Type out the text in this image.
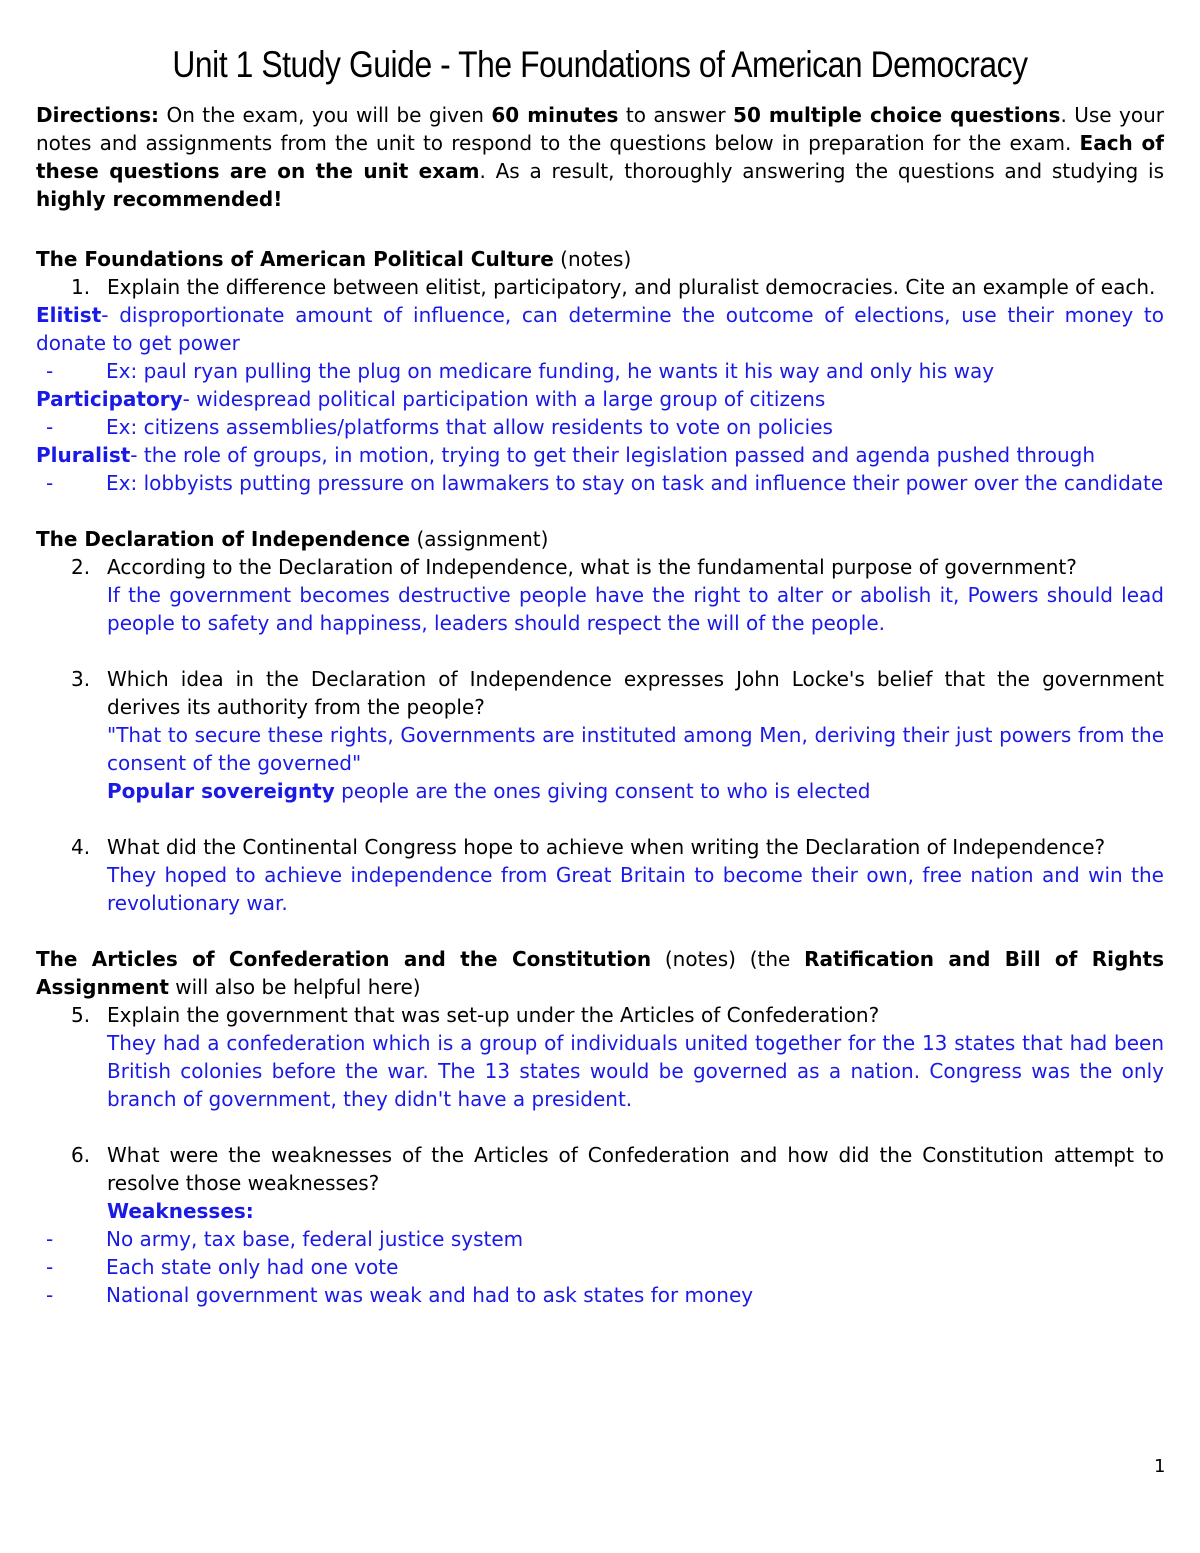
Unit 1 Study Guide - The Foundations of American Democracy

Directions: On the exam, you will be given 60 minutes to answer 50 multiple choice questions. Use your notes and assignments from the unit to respond to the questions below in preparation for the exam. Each of these questions are on the unit exam. As a result, thoroughly answering the questions and studying is highly recommended!

The Foundations of American Political Culture (notes)

1. Explain the difference between elitist, participatory, and pluralist democracies. Cite an example of each.

Elitist- disproportionate amount of influence, can determine the outcome of elections, use their money to donate to get power

-	Ex: paul ryan pulling the plug on medicare funding, he wants it his way and only his way

Participatory- widespread political participation with a large group of citizens

-	Ex: citizens assemblies/platforms that allow residents to vote on policies

Pluralist- the role of groups, in motion, trying to get their legislation passed and agenda pushed through

-	Ex: lobbyists putting pressure on lawmakers to stay on task and influence their power over the candidate

The Declaration of Independence (assignment)

2. According to the Declaration of Independence, what is the fundamental purpose of government?
If the government becomes destructive people have the right to alter or abolish it, Powers should lead people to safety and happiness, leaders should respect the will of the people.
3. Which idea in the Declaration of Independence expresses John Locke's belief that the government derives its authority from the people?
"That to secure these rights, Governments are instituted among Men, deriving their just powers from the consent of the governed"
Popular sovereignty people are the ones giving consent to who is elected
4. What did the Continental Congress hope to achieve when writing the Declaration of Independence?
They hoped to achieve independence from Great Britain to become their own, free nation and win the revolutionary war.

The Articles of Confederation and the Constitution (notes) (the Ratification and Bill of Rights Assignment will also be helpful here)

5. Explain the government that was set-up under the Articles of Confederation?
They had a confederation which is a group of individuals united together for the 13 states that had been British colonies before the war. The 13 states would be governed as a nation. Congress was the only branch of government, they didn't have a president.
6. What were the weaknesses of the Articles of Confederation and how did the Constitution attempt to resolve those weaknesses?
Weaknesses:
-	No army, tax base, federal justice system
-	Each state only had one vote
-	National government was weak and had to ask states for money
1
